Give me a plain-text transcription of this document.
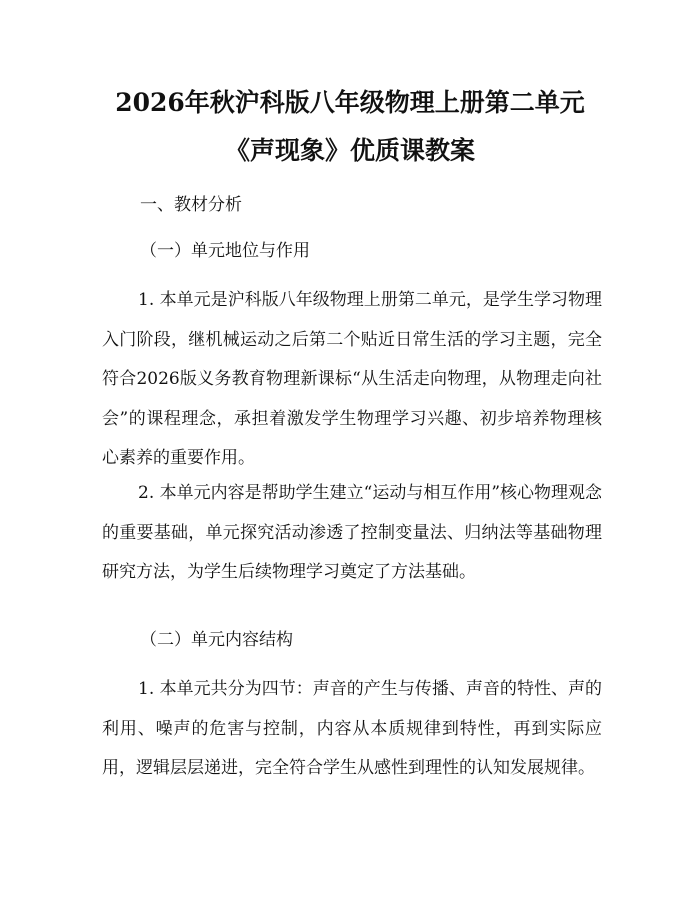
2026年秋沪科版八年级物理上册第二单元
《声现象》优质课教案
一、教材分析
（一）单元地位与作用
1. 本单元是沪科版八年级物理上册第二单元，是学生学习物理入门阶段，继机械运动之后第二个贴近日常生活的学习主题，完全符合2026版义务教育物理新课标“从生活走向物理，从物理走向社会”的课程理念，承担着激发学生物理学习兴趣、初步培养物理核心素养的重要作用。
2. 本单元内容是帮助学生建立“运动与相互作用”核心物理观念的重要基础，单元探究活动渗透了控制变量法、归纳法等基础物理研究方法，为学生后续物理学习奠定了方法基础。
（二）单元内容结构
1. 本单元共分为四节：声音的产生与传播、声音的特性、声的利用、噪声的危害与控制，内容从本质规律到特性，再到实际应用，逻辑层层递进，完全符合学生从感性到理性的认知发展规律。
